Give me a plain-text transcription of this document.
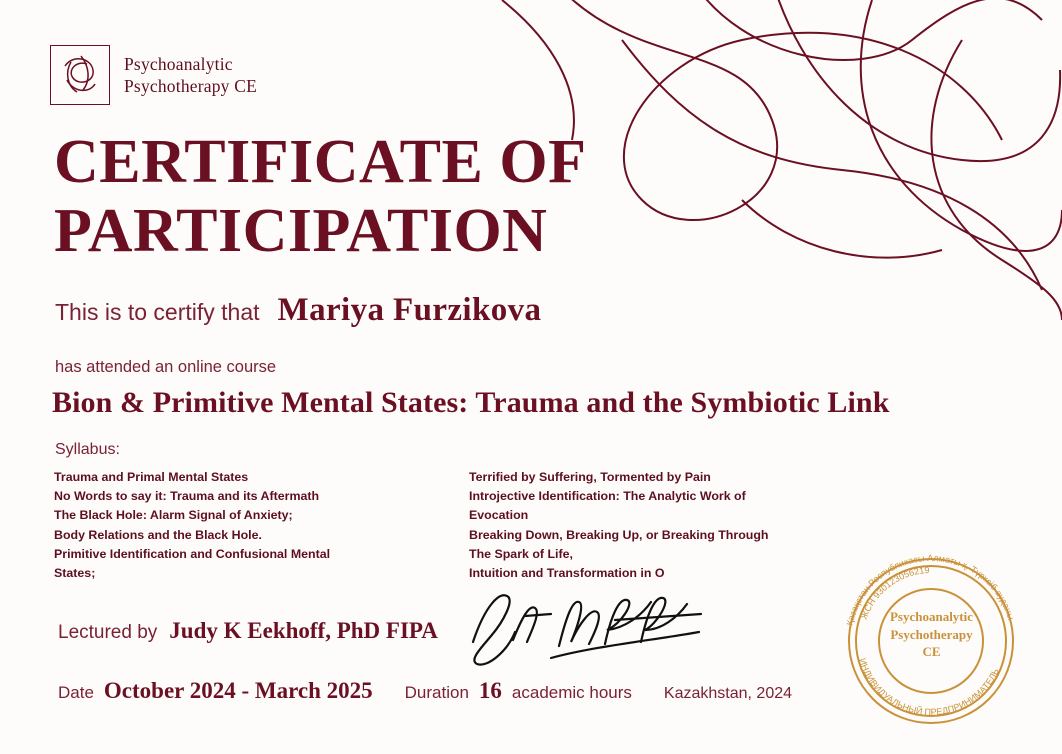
Psychoanalytic
Psychotherapy CE
CERTIFICATE OF
PARTICIPATION
This is to certify that Mariya Furzikova
has attended an online course
Bion & Primitive Mental States: Trauma and the Symbiotic Link
Syllabus:
Trauma and Primal Mental States
No Words to say it: Trauma and its Aftermath
The Black Hole: Alarm Signal of Anxiety;
Body Relations and the Black Hole.
Primitive Identification and Confusional Mental
States;
Terrified by Suffering, Tormented by Pain
Introjective Identification: The Analytic Work of Evocation
Breaking Down, Breaking Up, or Breaking Through
The Spark of Life,
Intuition and Transformation in O
Lectured by Judy K Eekhoff, PhD FIPA
Date October 2024 - March 2025 Duration 16 academic hours Kazakhstan, 2024
Қазақстан Республикасы Алматы қ. Түрксіб ауданы
ИНДИВИДУАЛЬНЫЙ ПРЕДПРИНИМАТЕЛЬ
ЖСН 930123056219
Psychoanalytic
Psychotherapy
CE
